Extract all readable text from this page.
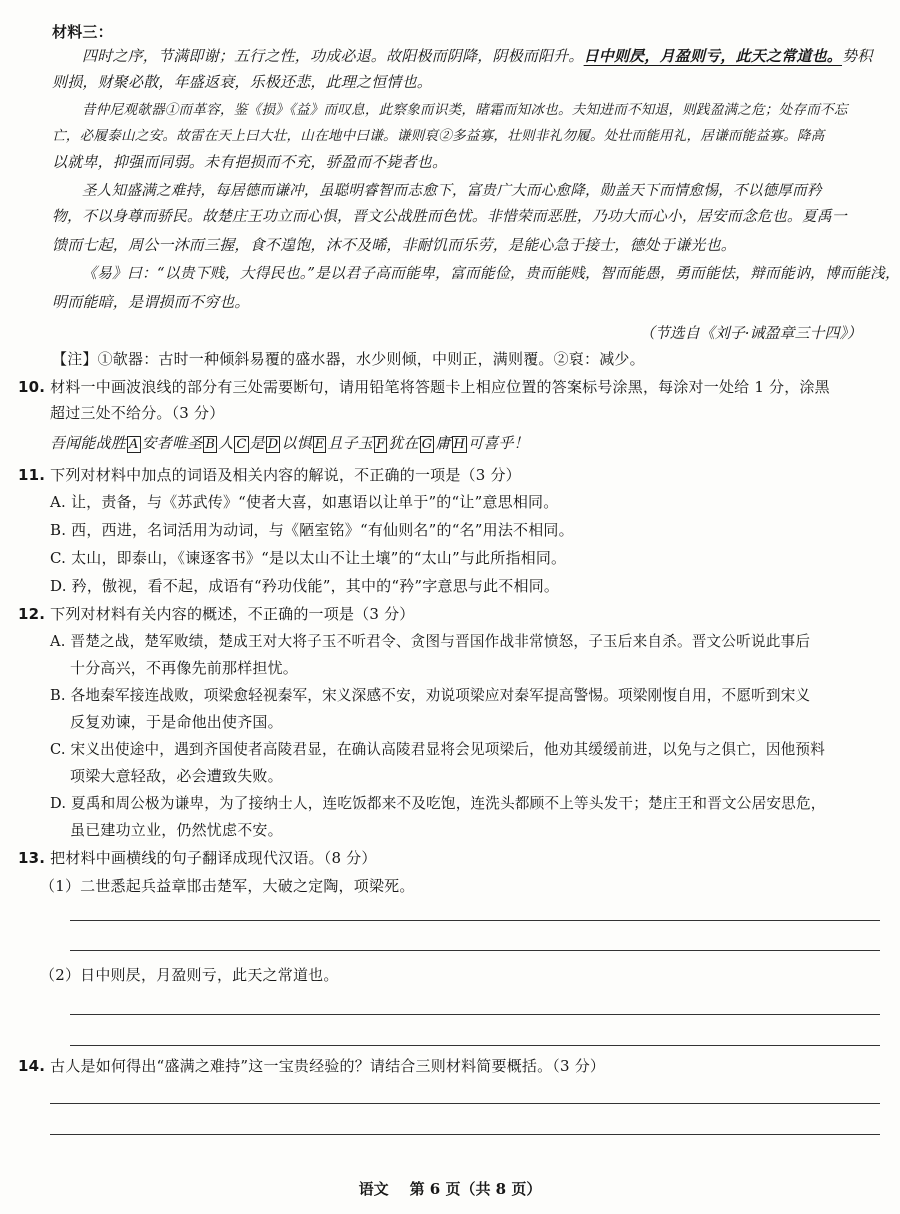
材料三：
四时之序，节满即谢；五行之性，功成必退。故阳极而阴降，阴极而阳升。日中则昃，月盈则亏，此天之常道也。势积
则损，财聚必散，年盛返衰，乐极还悲，此理之恒情也。
昔仲尼观欹器①而革容，鉴《损》《益》而叹息，此察象而识类，睹霜而知冰也。夫知进而不知退，则践盈满之危；处存而不忘
亡，必履泰山之安。故雷在天上曰大壮，山在地中曰谦。谦则裒②多益寡，壮则非礼勿履。处壮而能用礼，居谦而能益寡。降高
以就卑，抑强而同弱。未有挹损而不充，骄盈而不毙者也。
圣人知盛满之难持，每居德而谦冲，虽聪明睿智而志愈下，富贵广大而心愈降，勋盖天下而情愈惕，不以德厚而矜
物，不以身尊而骄民。故楚庄王功立而心惧，晋文公战胜而色忧。非惜荣而恶胜，乃功大而心小，居安而念危也。夏禹一
馈而七起，周公一沐而三握，食不遑饱，沐不及晞，非耐饥而乐劳，是能心急于接士，德处于谦光也。
《易》曰：“以贵下贱，大得民也。”是以君子高而能卑，富而能俭，贵而能贱，智而能愚，勇而能怯，辩而能讷，博而能浅，
明而能暗，是谓损而不穷也。
（节选自《刘子·诫盈章三十四》）
【注】①欹器：古时一种倾斜易覆的盛水器，水少则倾，中则正，满则覆。②裒：减少。
10. 材料一中画波浪线的部分有三处需要断句，请用铅笔将答题卡上相应位置的答案标号涂黑，每涂对一处给 1 分，涂黑
超过三处不给分。（3 分）
吾闻能战胜 A 安者唯圣 B 人 C 是 D 以惧 E 且子玉 F 犹在 G 庸 H 可喜乎！
11. 下列对材料中加点的词语及相关内容的解说，不正确的一项是（3 分）
A. 让，责备，与《苏武传》“使者大喜，如惠语以让单于”的“让”意思相同。
B. 西，西进，名词活用为动词，与《陋室铭》“有仙则名”的“名”用法不相同。
C. 太山，即泰山，《谏逐客书》“是以太山不让土壤”的“太山”与此所指相同。
D. 矜，傲视，看不起，成语有“矜功伐能”，其中的“矜”字意思与此不相同。
12. 下列对材料有关内容的概述，不正确的一项是（3 分）
A. 晋楚之战，楚军败绩，楚成王对大将子玉不听君令、贪图与晋国作战非常愤怒，子玉后来自杀。晋文公听说此事后
十分高兴，不再像先前那样担忧。
B. 各地秦军接连战败，项梁愈轻视秦军，宋义深感不安，劝说项梁应对秦军提高警惕。项梁刚愎自用，不愿听到宋义
反复劝谏，于是命他出使齐国。
C. 宋义出使途中，遇到齐国使者高陵君显，在确认高陵君显将会见项梁后，他劝其缓缓前进，以免与之俱亡，因他预料
项梁大意轻敌，必会遭致失败。
D. 夏禹和周公极为谦卑，为了接纳士人，连吃饭都来不及吃饱，连洗头都顾不上等头发干；楚庄王和晋文公居安思危，
虽已建功立业，仍然忧虑不安。
13. 把材料中画横线的句子翻译成现代汉语。（8 分）
（1）二世悉起兵益章邯击楚军，大破之定陶，项梁死。
（2）日中则昃，月盈则亏，此天之常道也。
14. 古人是如何得出“盛满之难持”这一宝贵经验的？请结合三则材料简要概括。（3 分）
语文 第 6 页（共 8 页）
